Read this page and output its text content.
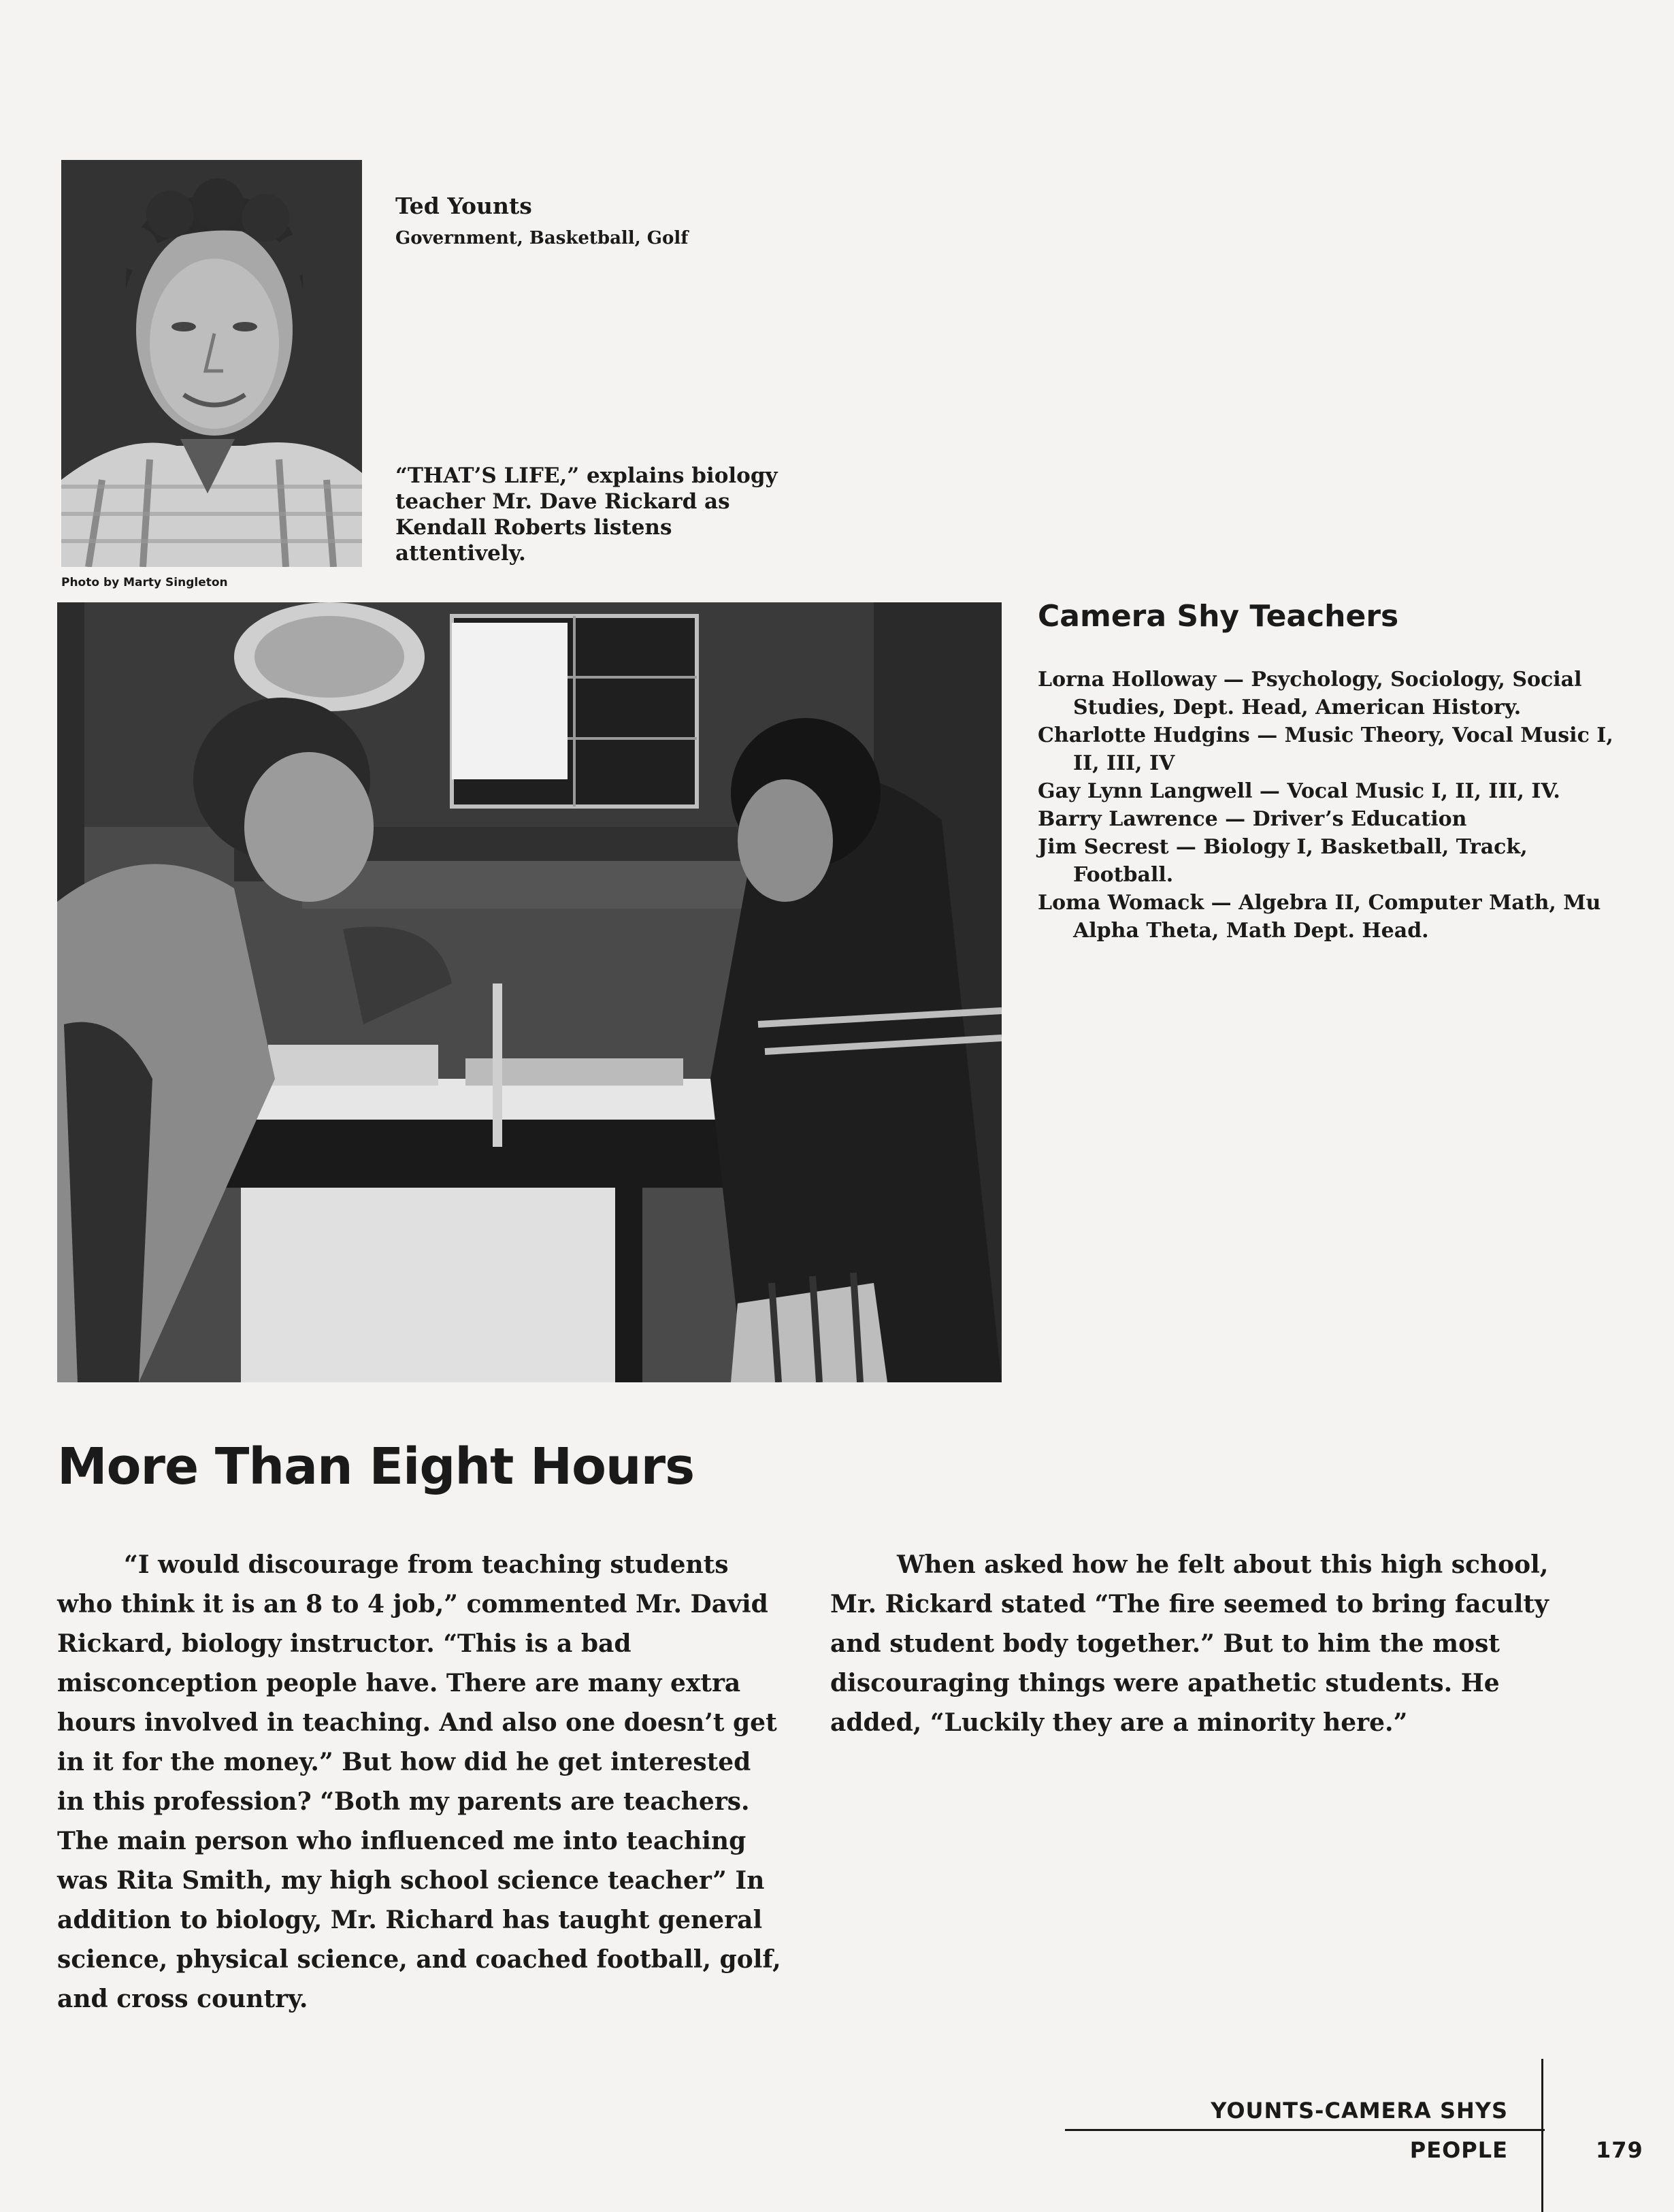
Photo by Marty Singleton
Ted Younts
Government, Basketball, Golf
“THAT’S LIFE,” explains biology teacher Mr. Dave Rickard as Kendall Roberts listens attentively.
Camera Shy Teachers
Lorna Holloway — Psychology, Sociology, Social Studies, Dept. Head, American History.
Charlotte Hudgins — Music Theory, Vocal Music I, II, III, IV
Gay Lynn Langwell — Vocal Music I, II, III, IV.
Barry Lawrence — Driver’s Education
Jim Secrest — Biology I, Basketball, Track, Football.
Loma Womack — Algebra II, Computer Math, Mu Alpha Theta, Math Dept. Head.
More Than Eight Hours

“I would discourage from teaching students who think it is an 8 to 4 job,” commented Mr. David Rickard, biology instructor. “This is a bad misconception people have. There are many extra hours involved in teaching. And also one doesn’t get in it for the money.” But how did he get interested in this profession? “Both my parents are teachers. The main person who influenced me into teaching was Rita Smith, my high school science teacher” In addition to biology, Mr. Richard has taught general science, physical science, and coached football, golf, and cross country.

When asked how he felt about this high school, Mr. Rickard stated “The fire seemed to bring faculty and student body together.” But to him the most discouraging things were apathetic students. He added, “Luckily they are a minority here.”

YOUNTS-CAMERA SHYS
PEOPLE	179
